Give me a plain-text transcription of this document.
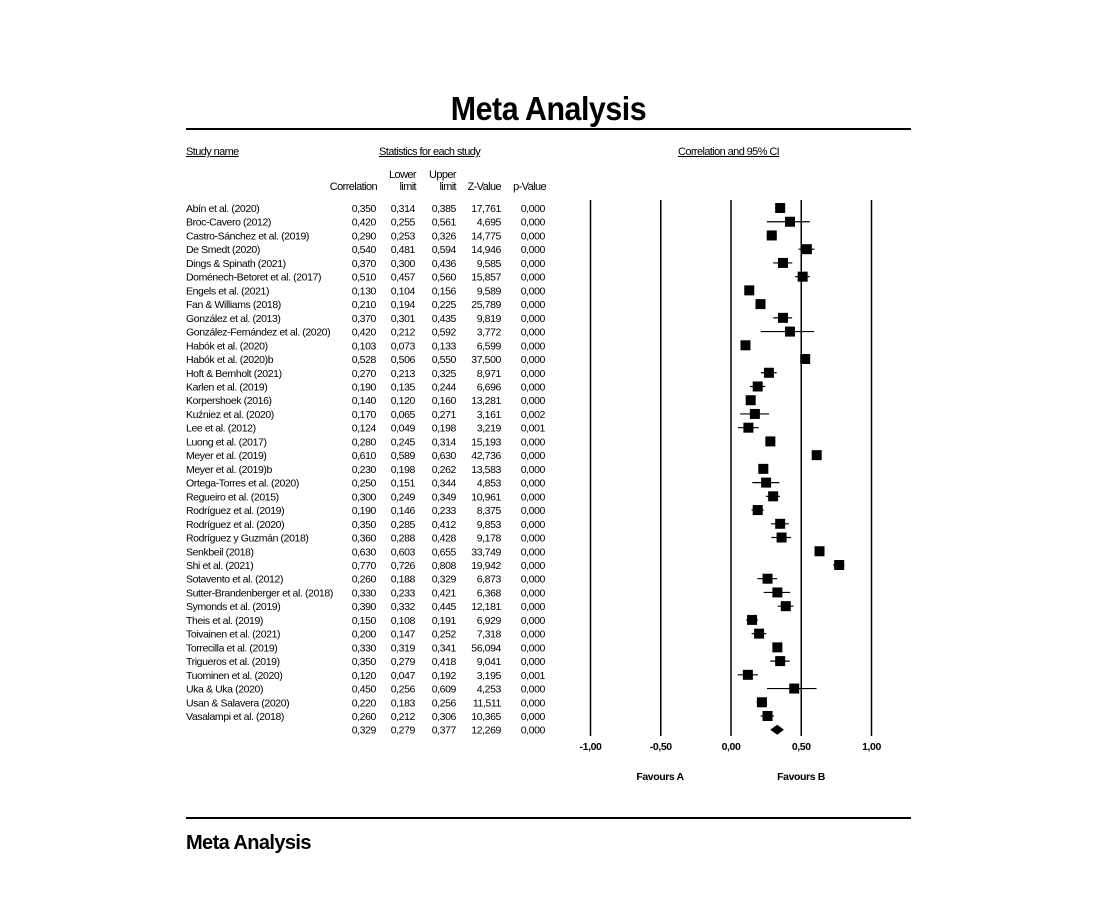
Meta Analysis
Study name	Statistics for each study	Correlation and 95% CI
Correlation
Lower
limit
Upper
limit Z-Value p-Value
-1,00	-0,50	0,00	0,50	1,00
Favours A	Favours B
Abín et al. (2020)	0,350 0,314 0,385 17,761 0,000
Broc-Cavero (2012)	0,420 0,255 0,561 4,695 0,000
Castro-Sánchez et al. (2019)	0,290 0,253 0,326 14,775 0,000
De Smedt (2020)	0,540 0,481 0,594 14,946 0,000
Dings & Spinath (2021)	0,370 0,300 0,436 9,585 0,000
Doménech-Betoret et al. (2017)	0,510 0,457 0,560 15,857 0,000
Engels et al. (2021)	0,130 0,104 0,156 9,589 0,000
Fan & Williams (2018)	0,210 0,194 0,225 25,789 0,000
González et al. (2013)	0,370 0,301 0,435 9,819 0,000
González-Fernández et al. (2020) 0,420 0,212 0,592 3,772 0,000
Habók et al. (2020)	0,103 0,073 0,133 6,599 0,000
Habók et al. (2020)b	0,528 0,506 0,550 37,500 0,000
Hoft & Bernholt (2021)	0,270 0,213 0,325 8,971 0,000
Karlen et al. (2019)	0,190 0,135 0,244 6,696 0,000
Korpershoek (2016)	0,140 0,120 0,160 13,281 0,000
Kuźniez et al. (2020)	0,170 0,065 0,271 3,161 0,002
Lee et al. (2012)	0,124 0,049 0,198 3,219 0,001
Luong et al. (2017)	0,280 0,245 0,314 15,193 0,000
Meyer et al. (2019)	0,610 0,589 0,630 42,736 0,000
Meyer et al. (2019)b	0,230 0,198 0,262 13,583 0,000
Ortega-Torres et al. (2020)	0,250 0,151 0,344 4,853 0,000
Regueiro et al. (2015)	0,300 0,249 0,349 10,961 0,000
Rodríguez et al. (2019)	0,190 0,146 0,233 8,375 0,000
Rodríguez et al. (2020)	0,350 0,285 0,412 9,853 0,000
Rodríguez y Guzmán (2018)	0,360 0,288 0,428 9,178 0,000
Senkbeil (2018)	0,630 0,603 0,655 33,749 0,000
Shi et al. (2021)	0,770 0,726 0,808 19,942 0,000
Sotavento et al. (2012)	0,260 0,188 0,329 6,873 0,000
Sutter-Brandenberger et al. (2018) 0,330 0,233 0,421 6,368 0,000
Symonds et al. (2019)	0,390 0,332 0,445 12,181 0,000
Theis et al. (2019)	0,150 0,108 0,191 6,929 0,000
Toivainen et al. (2021)	0,200 0,147 0,252 7,318 0,000
Torrecilla et al. (2019)	0,330 0,319 0,341 56,094 0,000
Trigueros et al. (2019)	0,350 0,279 0,418 9,041 0,000
Tuominen et al. (2020)	0,120 0,047 0,192 3,195 0,001
Uka & Uka (2020)	0,450 0,256 0,609 4,253 0,000
Usan & Salavera (2020)	0,220 0,183 0,256 11,511 0,000
Vasalampi et al. (2018)	0,260 0,212 0,306 10,365 0,000
0,329 0,279 0,377 12,269 0,000
Meta Analysis
